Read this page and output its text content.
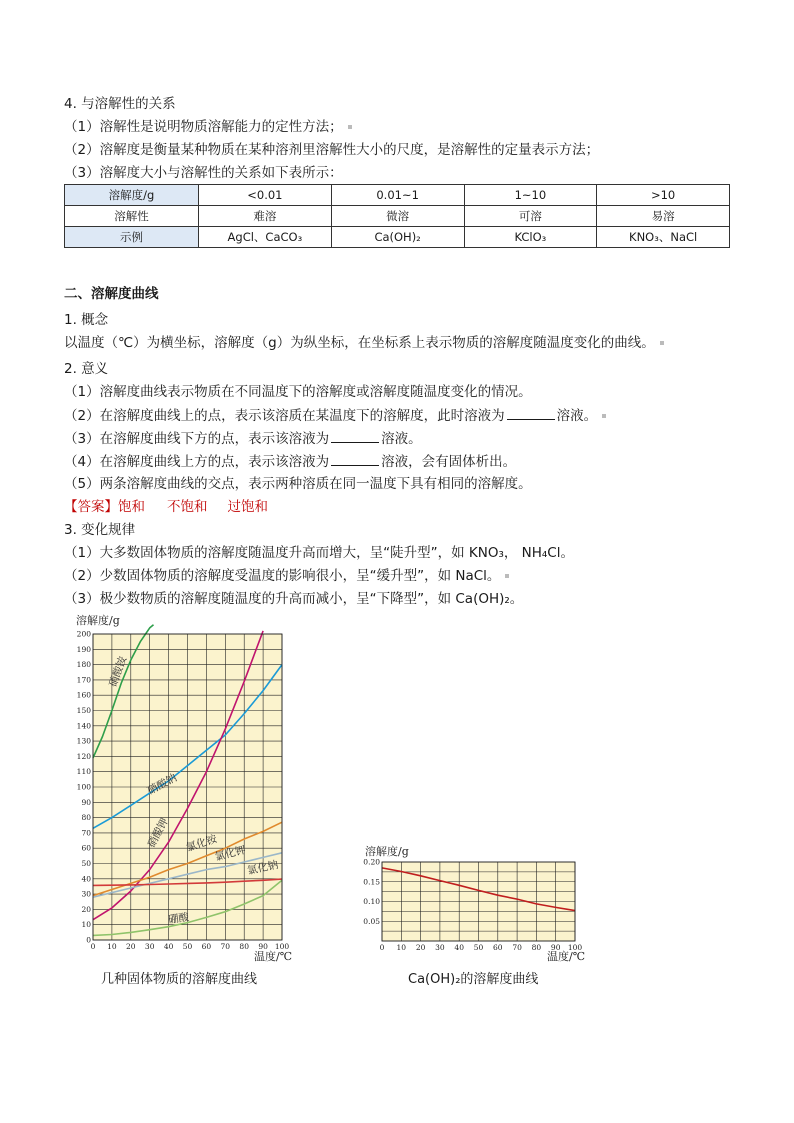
4. 与溶解性的关系
（1）溶解性是说明物质溶解能力的定性方法；
（2）溶解度是衡量某种物质在某种溶剂里溶解性大小的尺度，是溶解性的定量表示方法；
（3）溶解度大小与溶解性的关系如下表所示：
溶解度/g	<0.01	0.01~1	1~10	>10
溶解性	难溶	微溶	可溶	易溶
示例	AgCl、CaCO₃	Ca(OH)₂	KClO₃	KNO₃、NaCl
二、溶解度曲线
1. 概念
以温度（℃）为横坐标，溶解度（g）为纵坐标，在坐标系上表示物质的溶解度随温度变化的曲线。
2. 意义
（1）溶解度曲线表示物质在不同温度下的溶解度或溶解度随温度变化的情况。
（2）在溶解度曲线上的点，表示该溶质在某温度下的溶解度，此时溶液为	溶液。
（3）在溶解度曲线下方的点，表示该溶液为	溶液。
（4）在溶解度曲线上方的点，表示该溶液为	溶液，会有固体析出。
（5）两条溶解度曲线的交点，表示两种溶质在同一温度下具有相同的溶解度。
【答案】饱和 不饱和 过饱和
3. 变化规律
（1）大多数固体物质的溶解度随温度升高而增大，呈“陡升型”，如 KNO₃， NH₄Cl。
（2）少数固体物质的溶解度受温度的影响很小，呈“缓升型”，如 NaCl。
（3）极少数物质的溶解度随温度的升高而减小，呈“下降型”，如 Ca(OH)₂。
0 10 20 30 40 50 60 70 80 90 100
0
10
20
30
40
50
60
70
80
90
100
110
120
130
140
150
160
170
180
190
200
溶解度/g
温度/℃
硝酸铵
硝酸钠
硝酸钾 氯化铵
氯化钾
氯化钠
硼酸
几种固体物质的溶解度曲线
0 10 20 30 40 50 60 70 80 90 100
0.05
0.10
0.15
0.20
溶解度/g
温度/℃
Ca(OH)₂的溶解度曲线
